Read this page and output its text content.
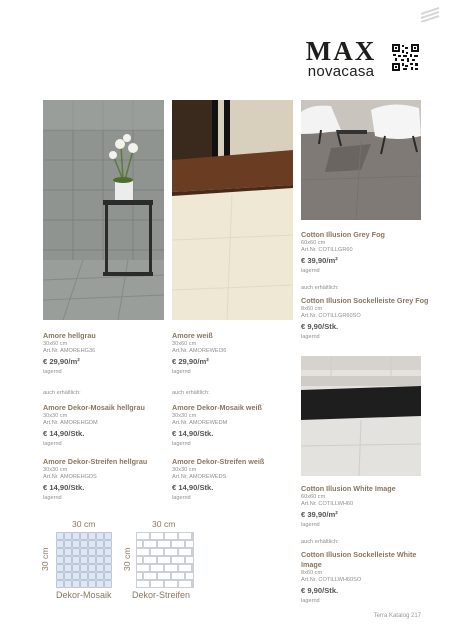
MAX
novacasa
Amore hellgrau
30x60 cm
Art.Nr. AMOREHG36
€ 29,90/m²
lagernd
auch erhältlich:
Amore Dekor-Mosaik hellgrau
30x30 cm
Art.Nr. AMOREHGDM
€ 14,90/Stk.
lagernd
Amore Dekor-Streifen hellgrau
30x30 cm
Art.Nr. AMOREHGDS
€ 14,90/Stk.
lagernd
Amore weiß
30x60 cm
Art.Nr. AMOREWEI36
€ 29,90/m²
lagernd
auch erhältlich:
Amore Dekor-Mosaik weiß
30x30 cm
Art.Nr. AMOREWEDM
€ 14,90/Stk.
lagernd
Amore Dekor-Streifen weiß
30x30 cm
Art.Nr. AMOREWEDS
€ 14,90/Stk.
lagernd
Cotton Illusion Grey Fog
60x60 cm
Art.Nr. COTILLGR60
€ 39,90/m²
lagernd
auch erhältlich:
Cotton Illusion Sockelleiste Grey Fog
8x60 cm
Art.Nr. COTILLGR60SO
€ 9,90/Stk.
lagernd
Cotton Illusion White Image
60x60 cm
Art.Nr. COTILLWH60
€ 39,90/m²
lagernd
auch erhältlich:
Cotton Illusion Sockelleiste White Image
8x60 cm
Art.Nr. COTILLWH60SO
€ 9,90/Stk.
lagernd
30 cm
30 cm
Dekor-Mosaik
30 cm
30 cm
Dekor-Streifen
Terra Katalog 217
